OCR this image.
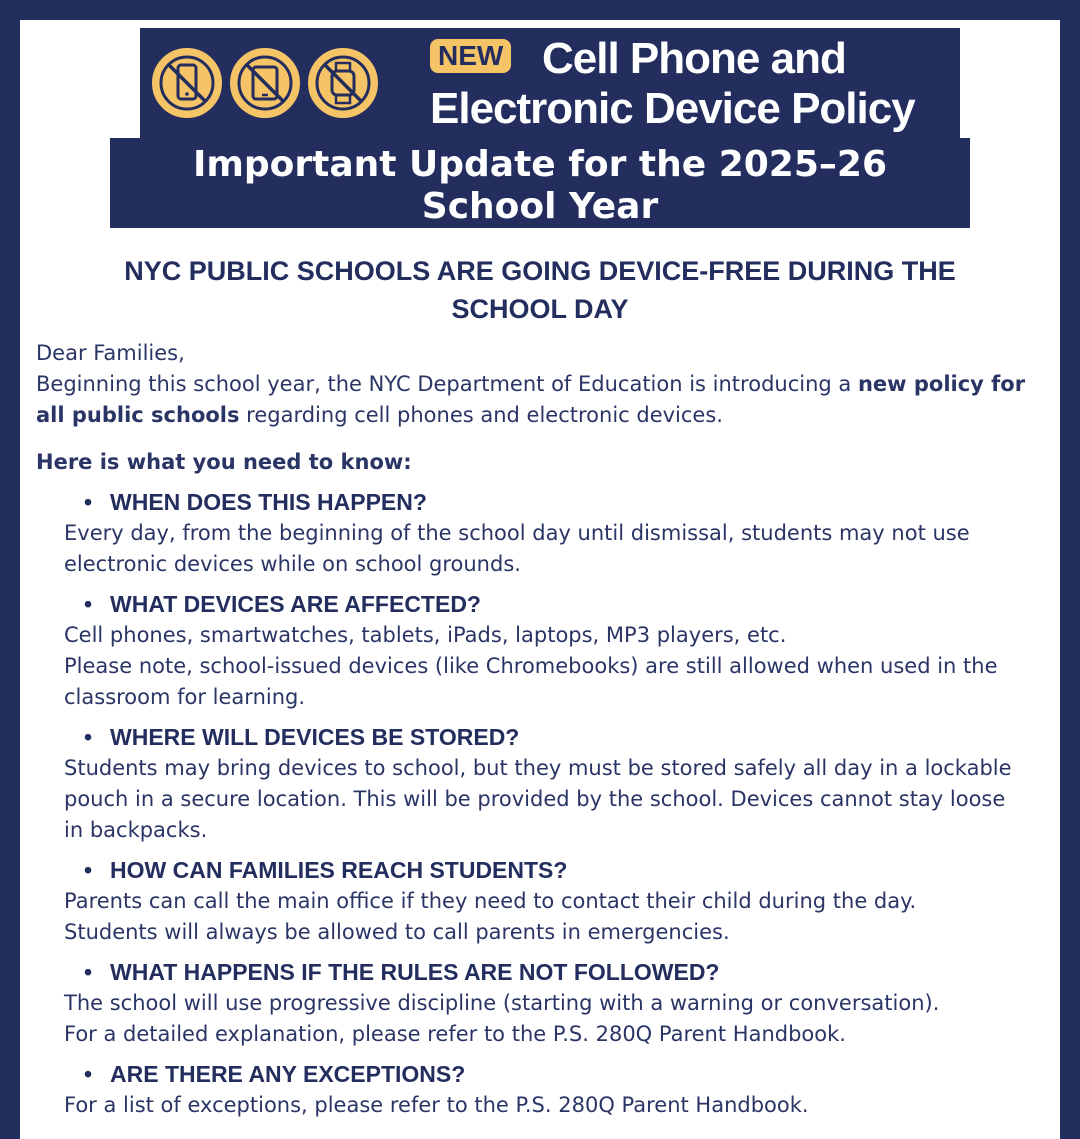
NEW Cell Phone and
Electronic Device Policy
Important Update for the 2025–26
School Year
NYC PUBLIC SCHOOLS ARE GOING DEVICE-FREE DURING THE
SCHOOL DAY

Dear Families,

Beginning this school year, the NYC Department of Education is introducing a new policy for all public schools regarding cell phones and electronic devices.

Here is what you need to know:

• WHEN DOES THIS HAPPEN?
Every day, from the beginning of the school day until dismissal, students may not use electronic devices while on school grounds.
• WHAT DEVICES ARE AFFECTED?
Cell phones, smartwatches, tablets, iPads, laptops, MP3 players, etc.
Please note, school-issued devices (like Chromebooks) are still allowed when used in the classroom for learning.
• WHERE WILL DEVICES BE STORED?
Students may bring devices to school, but they must be stored safely all day in a lockable pouch in a secure location. This will be provided by the school. Devices cannot stay loose in backpacks.
• HOW CAN FAMILIES REACH STUDENTS?
Parents can call the main office if they need to contact their child during the day.
Students will always be allowed to call parents in emergencies.
• WHAT HAPPENS IF THE RULES ARE NOT FOLLOWED?
The school will use progressive discipline (starting with a warning or conversation).
For a detailed explanation, please refer to the P.S. 280Q Parent Handbook.
• ARE THERE ANY EXCEPTIONS?
For a list of exceptions, please refer to the P.S. 280Q Parent Handbook.
